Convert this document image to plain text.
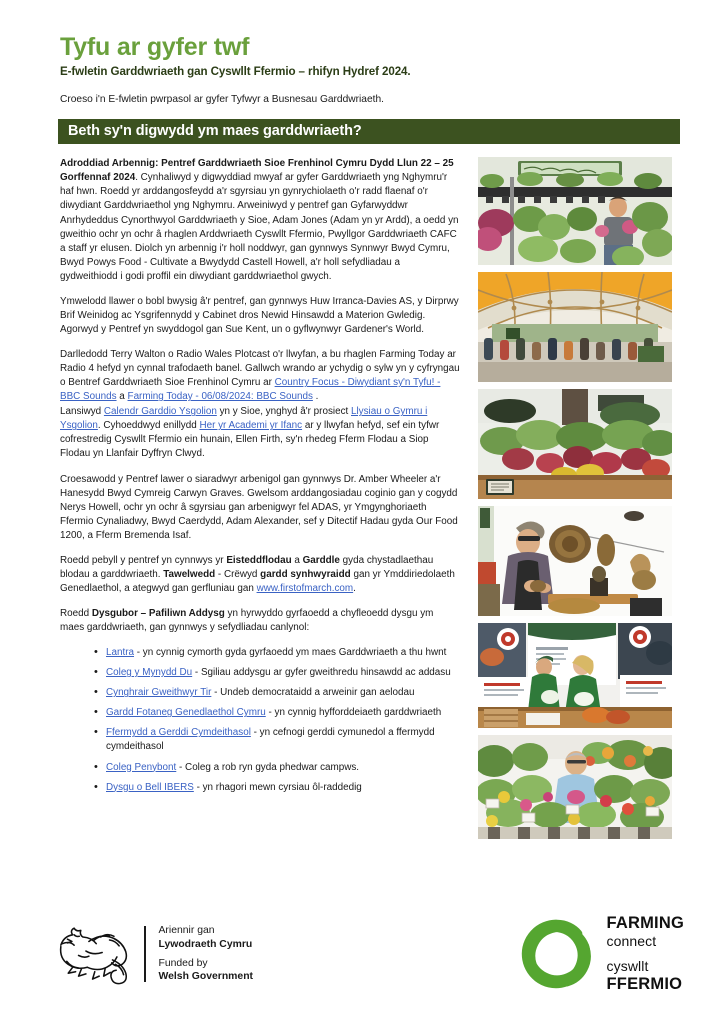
Tyfu ar gyfer twf
E-fwletin Garddwriaeth gan Cyswllt Ffermio – rhifyn Hydref 2024.
Croeso i'n E-fwletin pwrpasol ar gyfer Tyfwyr a Busnesau Garddwriaeth.
Beth sy'n digwydd ym maes garddwriaeth?

Adroddiad Arbennig: Pentref Garddwriaeth Sioe Frenhinol Cymru Dydd Llun 22 – 25 Gorffennaf 2024. Cynhaliwyd y digwyddiad mwyaf ar gyfer Garddwriaeth yng Nghymru'r haf hwn. Roedd yr arddangosfeydd a'r sgyrsiau yn gynrychiolaeth o'r radd flaenaf o'r diwydiant Garddwriaethol yng Nghymru. Arweiniwyd y pentref gan Gyfarwyddwr Anrhydeddus Cynorthwyol Garddwriaeth y Sioe, Adam Jones (Adam yn yr Ardd), a oedd yn gweithio ochr yn ochr â rhaglen Arddwriaeth Cyswllt Ffermio, Pwyllgor Garddwriaeth CAFC a staff yr elusen. Diolch yn arbennig i'r holl noddwyr, gan gynnwys Synnwyr Bwyd Cymru, Bwyd Powys Food - Cultivate a Bwydydd Castell Howell, a'r holl sefydliadau a gydweithiodd i godi proffil ein diwydiant garddwriaethol gwych.

Ymwelodd llawer o bobl bwysig â'r pentref, gan gynnwys Huw Irranca-Davies AS, y Dirprwy Brif Weinidog ac Ysgrifennydd y Cabinet dros Newid Hinsawdd a Materion Gwledig. Agorwyd y Pentref yn swyddogol gan Sue Kent, un o gyflwynwyr Gardener's World.

Darlledodd Terry Walton o Radio Wales Plotcast o'r llwyfan, a bu rhaglen Farming Today ar Radio 4 hefyd yn cynnal trafodaeth banel. Gallwch wrando ar ychydig o sylw yn y cyfryngau o Bentref Garddwriaeth Sioe Frenhinol Cymru ar Country Focus - Diwydiant sy'n Tyfu! - BBC Sounds a Farming Today - 06/08/2024: BBC Sounds .

Lansiwyd Calendr Garddio Ysgolion yn y Sioe, ynghyd â'r prosiect Llysiau o Gymru i Ysgolion. Cyhoeddwyd enillydd Her yr Academi yr Ifanc ar y llwyfan hefyd, sef ein tyfwr cofrestredig Cyswllt Ffermio ein hunain, Ellen Firth, sy'n rhedeg Fferm Flodau a Siop Flodau yn Llanfair Dyffryn Clwyd.

Croesawodd y Pentref lawer o siaradwyr arbenigol gan gynnwys Dr. Amber Wheeler a'r Hanesydd Bwyd Cymreig Carwyn Graves. Gwelsom arddangosiadau coginio gan y cogydd Nerys Howell, ochr yn ochr â sgyrsiau gan arbenigwyr fel ADAS, yr Ymgynghoriaeth Ffermio Cynaliadwy, Bwyd Caerdydd, Adam Alexander, sef y Ditectif Hadau gyda Our Food 1200, a Fferm Bremenda Isaf.

Roedd pebyll y pentref yn cynnwys yr Eisteddflodau a Garddle gyda chystadlaethau blodau a garddwriaeth. Tawelwedd - Crëwyd gardd synhwyraidd gan yr Ymddiriedolaeth Genedlaethol, a ategwyd gan gerfluniau gan www.firstofmarch.com.

Roedd Dysgubor – Pafiliwn Addysg yn hyrwyddo gyrfaoedd a chyfleoedd dysgu ym maes garddwriaeth, gan gynnwys y sefydliadau canlynol:

• Lantra - yn cynnig cymorth gyda gyrfaoedd ym maes Garddwriaeth a thu hwnt
• Coleg y Mynydd Du - Sgiliau addysgu ar gyfer gweithredu hinsawdd ac addasu
• Cynghrair Gweithwyr Tir - Undeb democrataidd a arweinir gan aelodau
• Gardd Fotaneg Genedlaethol Cymru - yn cynnig hyfforddeiaeth garddwriaeth
• Ffermydd a Gerddi Cymdeithasol - yn cefnogi gerddi cymunedol a ffermydd cymdeithasol
• Coleg Penybont - Coleg a rob ryn gyda phedwar campws.
• Dysgu o Bell IBERS - yn rhagori mewn cyrsiau ôl-raddedig
Ariennir gan
Lywodraeth Cymru
Funded by
Welsh Government
FARMING
connect
cyswllt
FFERMIO
